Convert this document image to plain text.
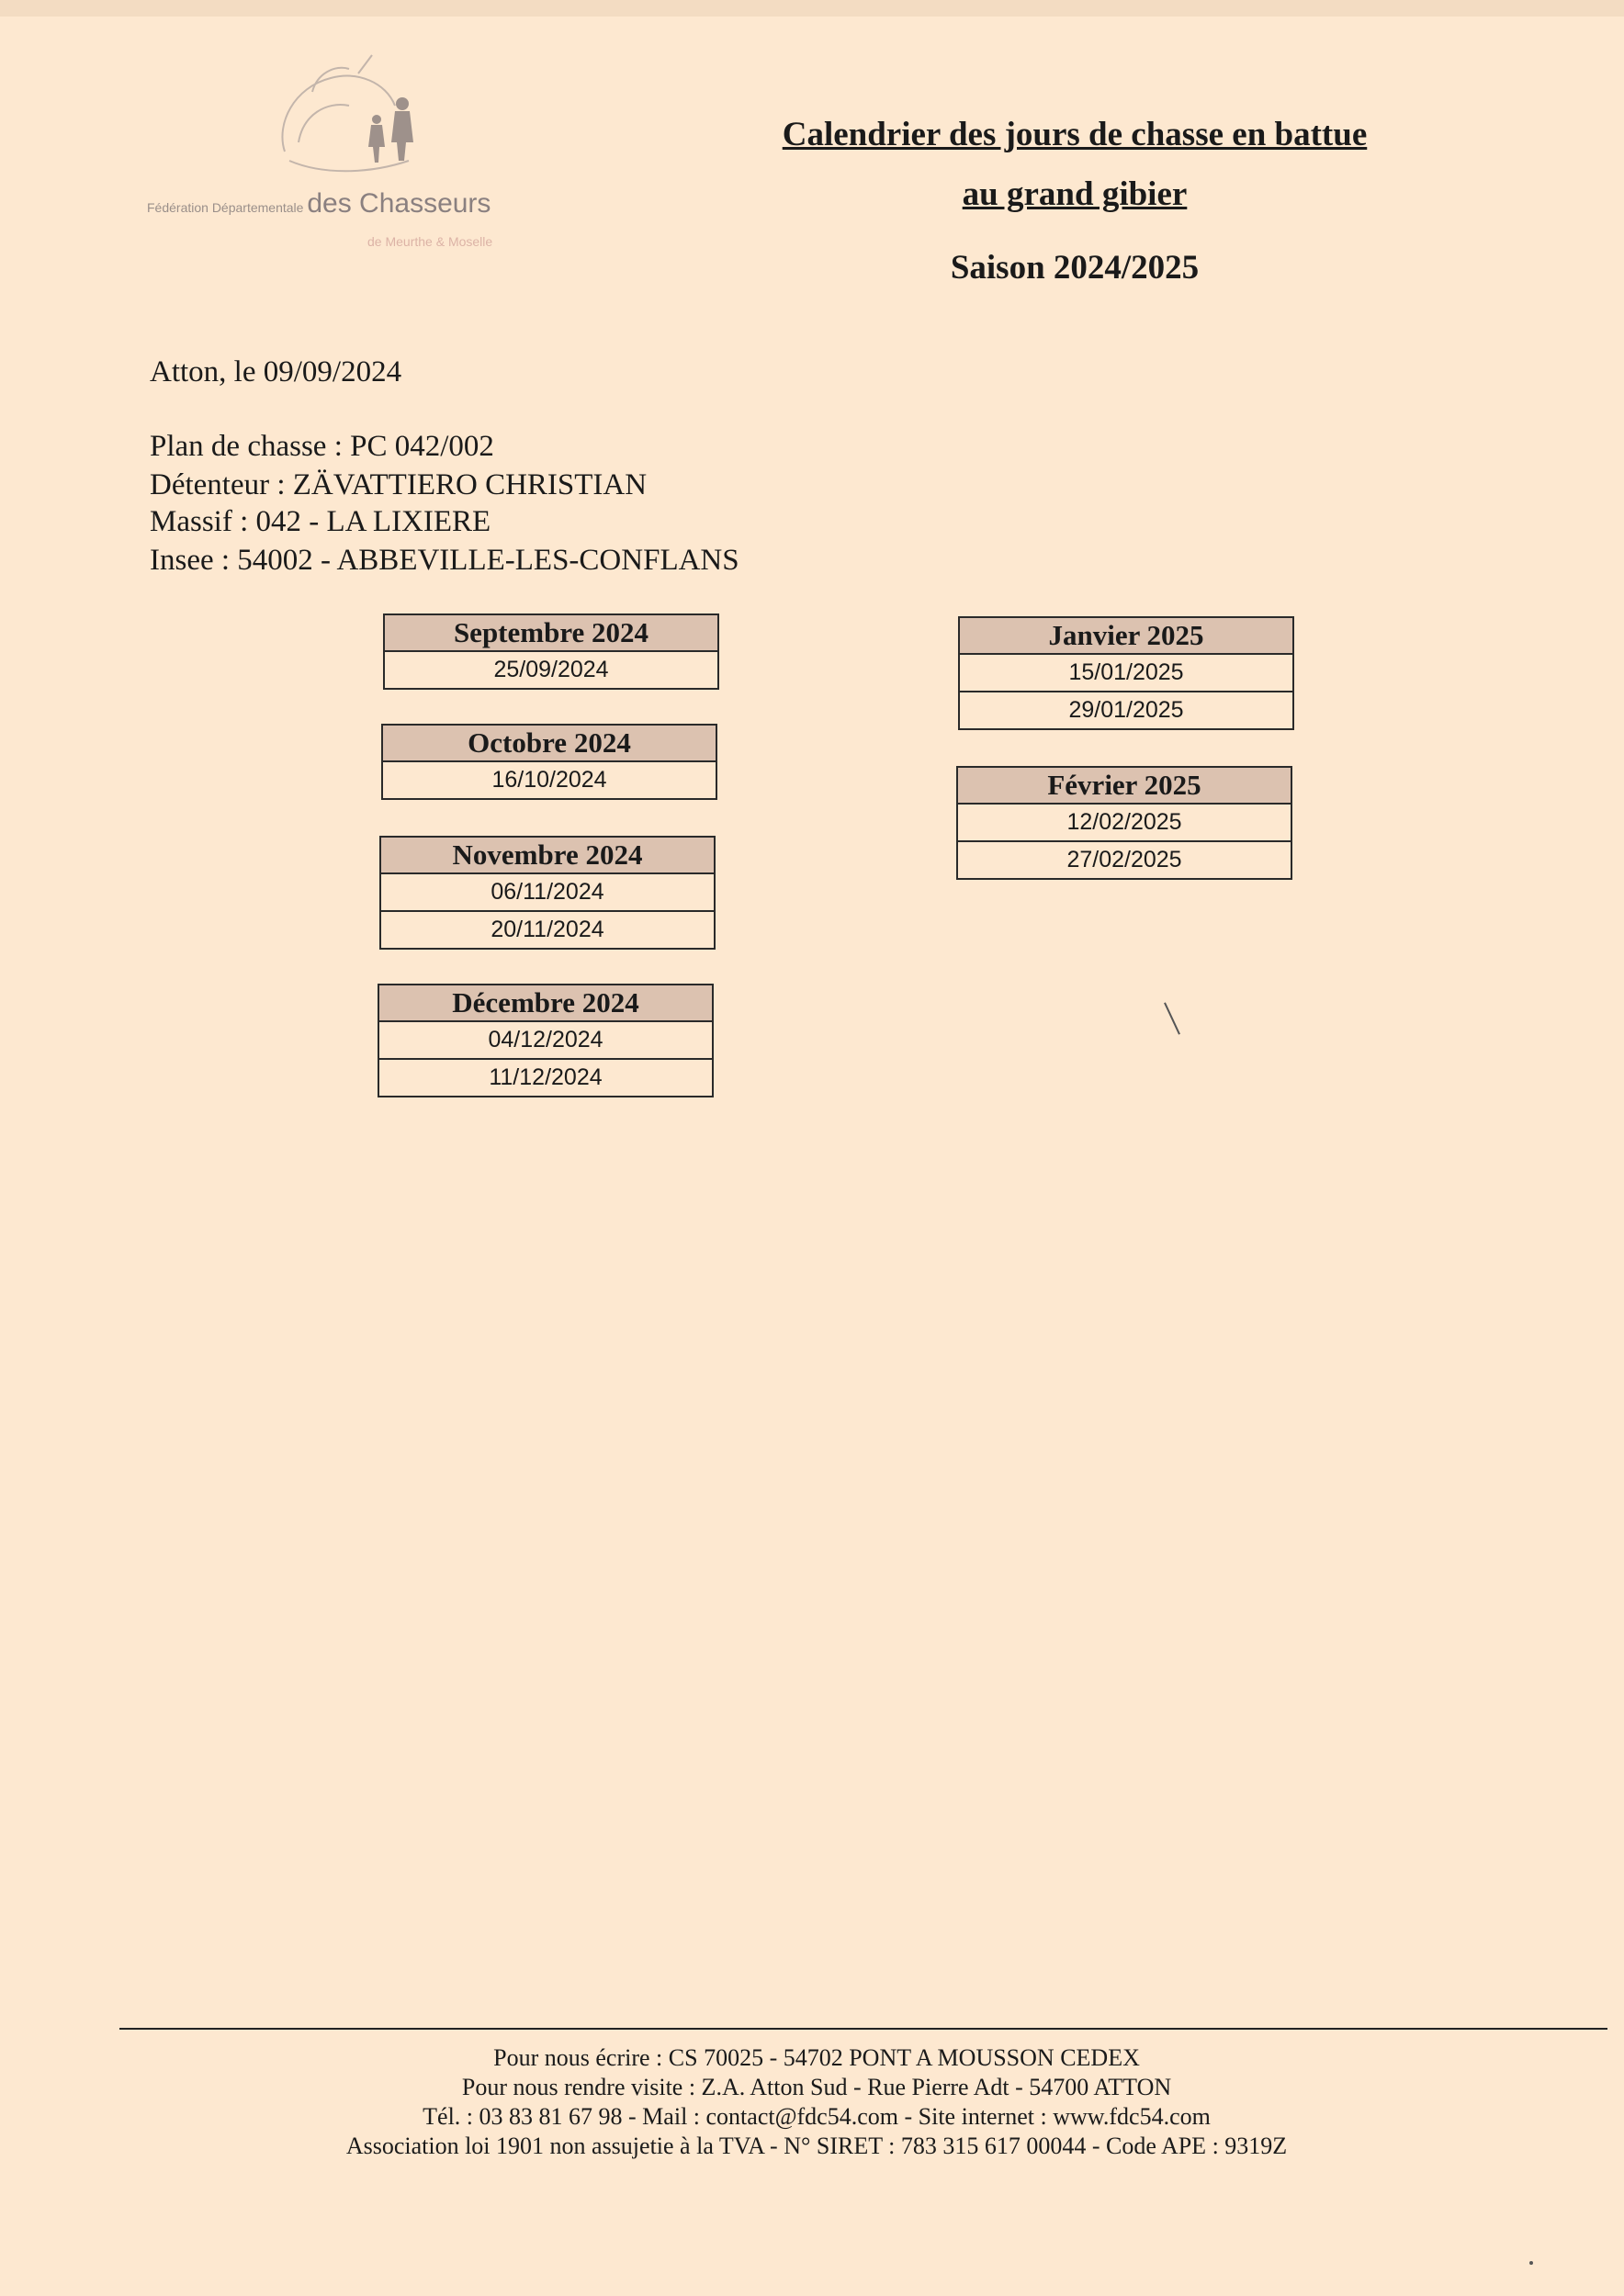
Fédération Départementale des Chasseurs
de Meurthe & Moselle
Calendrier des jours de chasse en battue
au grand gibier
Saison 2024/2025
Atton, le 09/09/2024
Plan de chasse : PC 042/002
Détenteur : ZÄVATTIERO CHRISTIAN
Massif : 042 - LA LIXIERE
Insee : 54002 - ABBEVILLE-LES-CONFLANS
Septembre 2024
25/09/2024
Octobre 2024
16/10/2024
Novembre 2024
06/11/2024
20/11/2024
Décembre 2024
04/12/2024
11/12/2024
Janvier 2025
15/01/2025
29/01/2025
Février 2025
12/02/2025
27/02/2025
Pour nous écrire : CS 70025 - 54702 PONT A MOUSSON CEDEX
Pour nous rendre visite : Z.A. Atton Sud - Rue Pierre Adt - 54700 ATTON
Tél. : 03 83 81 67 98 - Mail : contact@fdc54.com - Site internet : www.fdc54.com
Association loi 1901 non assujetie à la TVA - N° SIRET : 783 315 617 00044 - Code APE : 9319Z
